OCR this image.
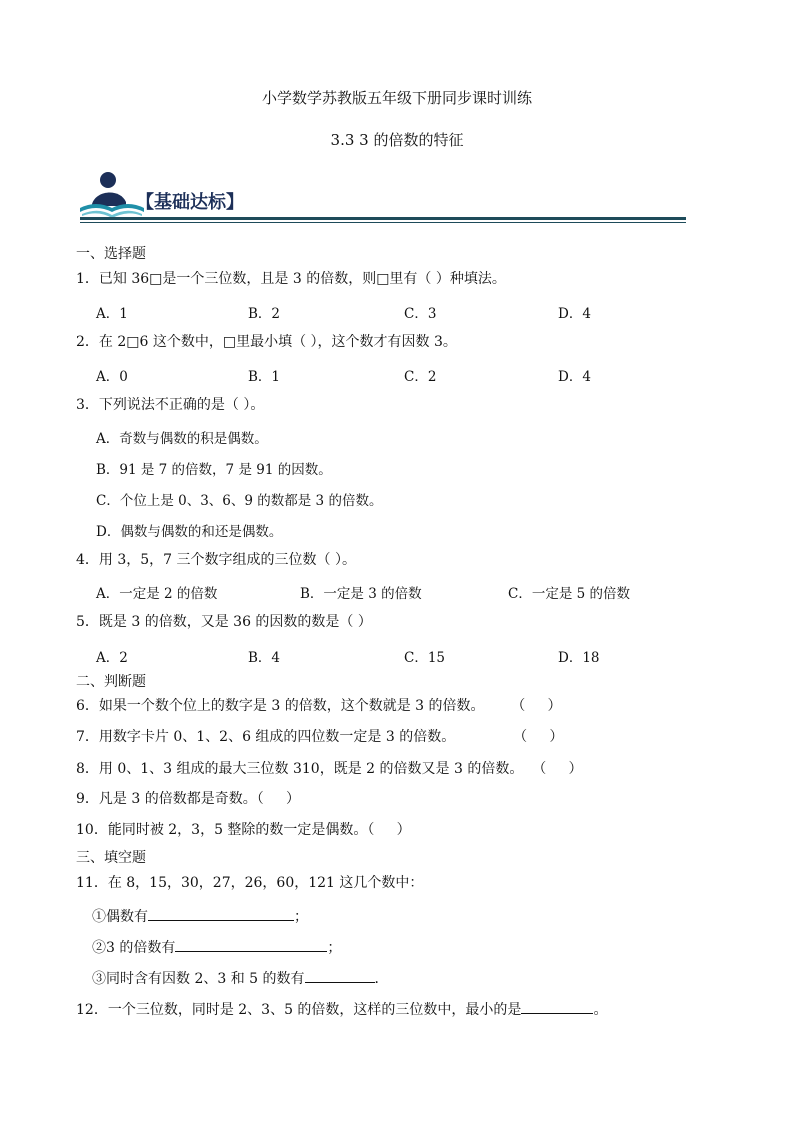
小学数学苏教版五年级下册同步课时训练
3.3 3 的倍数的特征
【基础达标】
一、选择题
1．已知 36□是一个三位数，且是 3 的倍数，则□里有（ ）种填法。
A．1	B．2	C．3	D．4
2．在 2□6 这个数中，□里最小填（ ），这个数才有因数 3。
A．0	B．1	C．2	D．4
3．下列说法不正确的是（ ）。
A．奇数与偶数的积是偶数。
B．91 是 7 的倍数，7 是 91 的因数。
C．个位上是 0、3、6、9 的数都是 3 的倍数。
D．偶数与偶数的和还是偶数。
4．用 3，5，7 三个数字组成的三位数（ ）。
A．一定是 2 的倍数	B．一定是 3 的倍数	C．一定是 5 的倍数
5．既是 3 的倍数，又是 36 的因数的数是（ ）
A．2	B．4	C．15	D．18
二、判断题
6．如果一个数个位上的数字是 3 的倍数，这个数就是 3 的倍数。      （     ）
7．用数字卡片 0、1、2、6 组成的四位数一定是 3 的倍数。             （     ）
8．用 0、1、3 组成的最大三位数 310，既是 2 的倍数又是 3 的倍数。  （     ）
9．凡是 3 的倍数都是奇数。（     ）
10．能同时被 2，3，5 整除的数一定是偶数。（     ）
三、填空题
11．在 8，15，30，27，26，60，121 这几个数中：
①偶数有	；
②3 的倍数有	；
③同时含有因数 2、3 和 5 的数有	．
12．一个三位数，同时是 2、3、5 的倍数，这样的三位数中，最小的是	。
